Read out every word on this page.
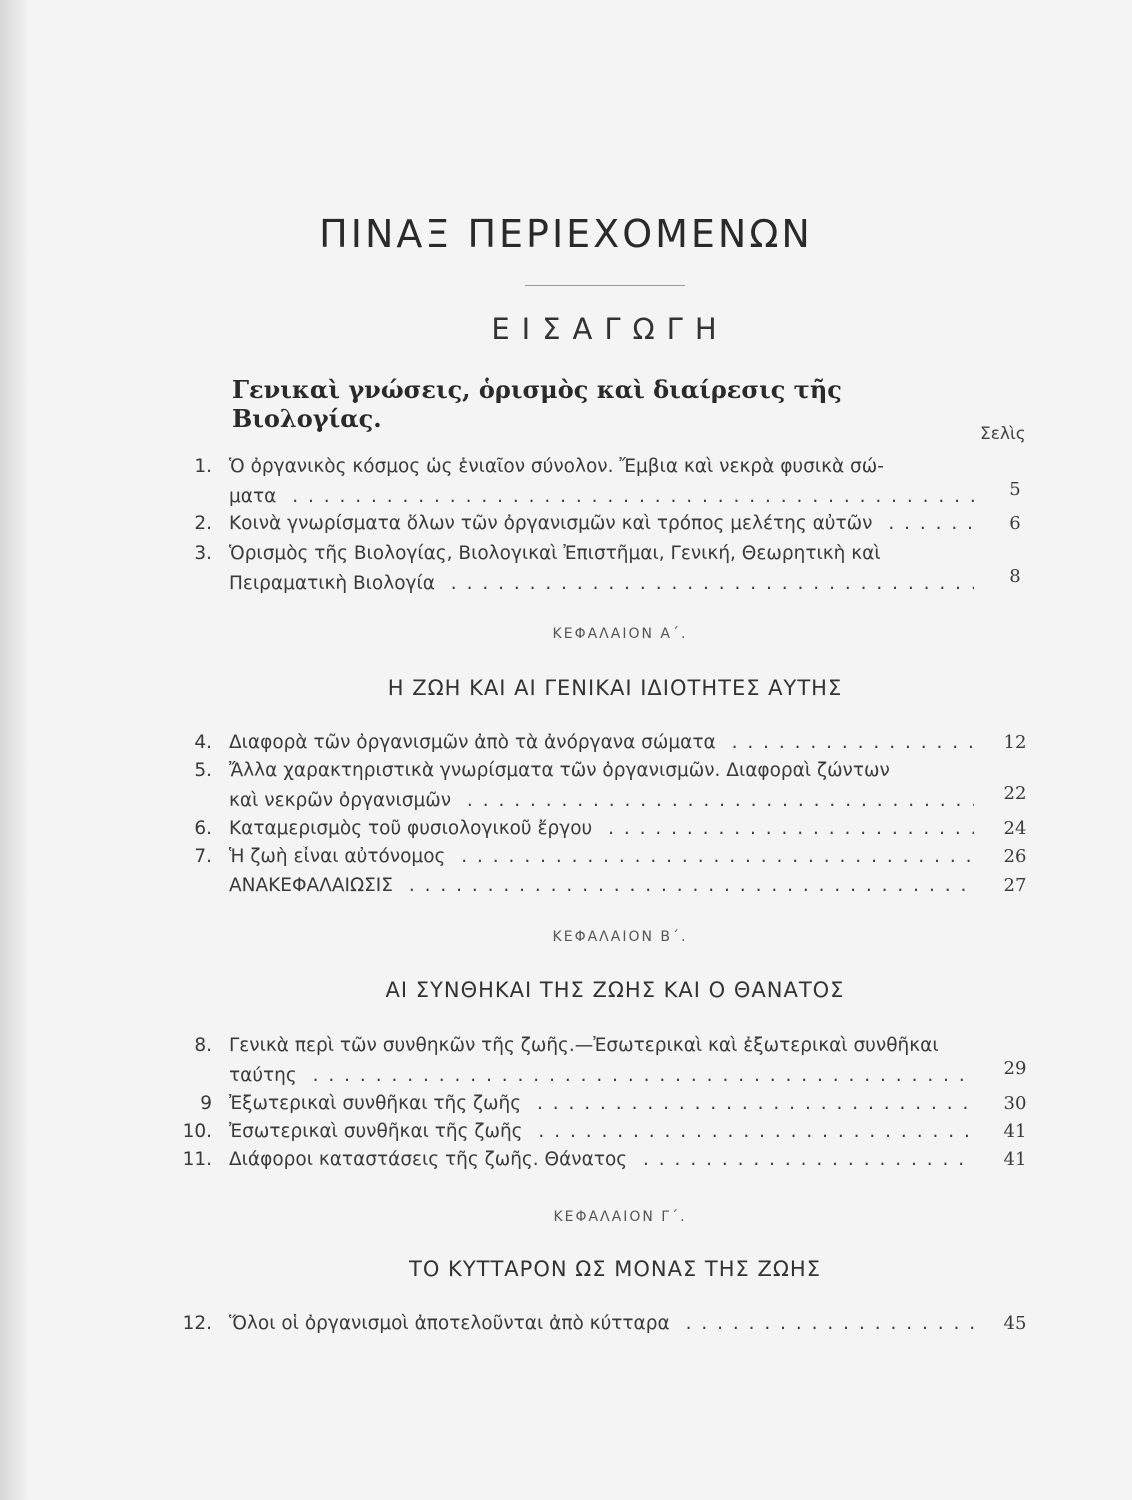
ΠΙΝΑΞ ΠΕΡΙΕΧΟΜΕΝΩΝ
ΕΙΣΑΓΩΓΗ
Γενικαὶ γνώσεις, ὁρισμὸς καὶ διαίρεσις τῆς Βιολογίας.
Σελὶς
1. Ὁ ὀργανικὸς κόσμος ὡς ἑνιαῖον σύνολον. Ἔμβια καὶ νεκρὰ φυσικὰ σώ-
ματα . . .	5
2. Κοινὰ γνωρίσματα ὅλων τῶν ὀργανισμῶν καὶ τρόπος μελέτης αὐτῶν . . .	6
3. Ὁρισμὸς τῆς Βιολογίας, Βιολογικαὶ Ἐπιστῆμαι, Γενική, Θεωρητικὴ καὶ
Πειραματικὴ Βιολογία . . .	8
ΚΕΦΑΛΑΙΟΝ Α΄.
Η ΖΩΗ ΚΑΙ ΑΙ ΓΕΝΙΚΑΙ ΙΔΙΟΤΗΤΕΣ ΑΥΤΗΣ
4. Διαφορὰ τῶν ὀργανισμῶν ἀπὸ τὰ ἀνόργανα σώματα . . .	12
5. Ἄλλα χαρακτηριστικὰ γνωρίσματα τῶν ὀργανισμῶν. Διαφοραὶ ζώντων
καὶ νεκρῶν ὀργανισμῶν . . .	22
6. Καταμερισμὸς τοῦ φυσιολογικοῦ ἔργου . . .	24
7. Ἡ ζωὴ εἶναι αὐτόνομος . . .	26
ΑΝΑΚΕΦΑΛΑΙΩΣΙΣ . . .	27
ΚΕΦΑΛΑΙΟΝ Β΄.
ΑΙ ΣΥΝΘΗΚΑΙ ΤΗΣ ΖΩΗΣ ΚΑΙ Ο ΘΑΝΑΤΟΣ
8. Γενικὰ περὶ τῶν συνθηκῶν τῆς ζωῆς.—Ἐσωτερικαὶ καὶ ἐξωτερικαὶ συνθῆκαι
ταύτης . . .	29
9 Ἐξωτερικαὶ συνθῆκαι τῆς ζωῆς . . .	30
10. Ἐσωτερικαὶ συνθῆκαι τῆς ζωῆς . . .	41
11. Διάφοροι καταστάσεις τῆς ζωῆς. Θάνατος . . .	41
ΚΕΦΑΛΑΙΟΝ Γ΄.
ΤΟ ΚΥΤΤΑΡΟΝ ΩΣ ΜΟΝΑΣ ΤΗΣ ΖΩΗΣ
12. Ὅλοι οἱ ὀργανισμοὶ ἀποτελοῦνται ἀπὸ κύτταρα . . .	45
